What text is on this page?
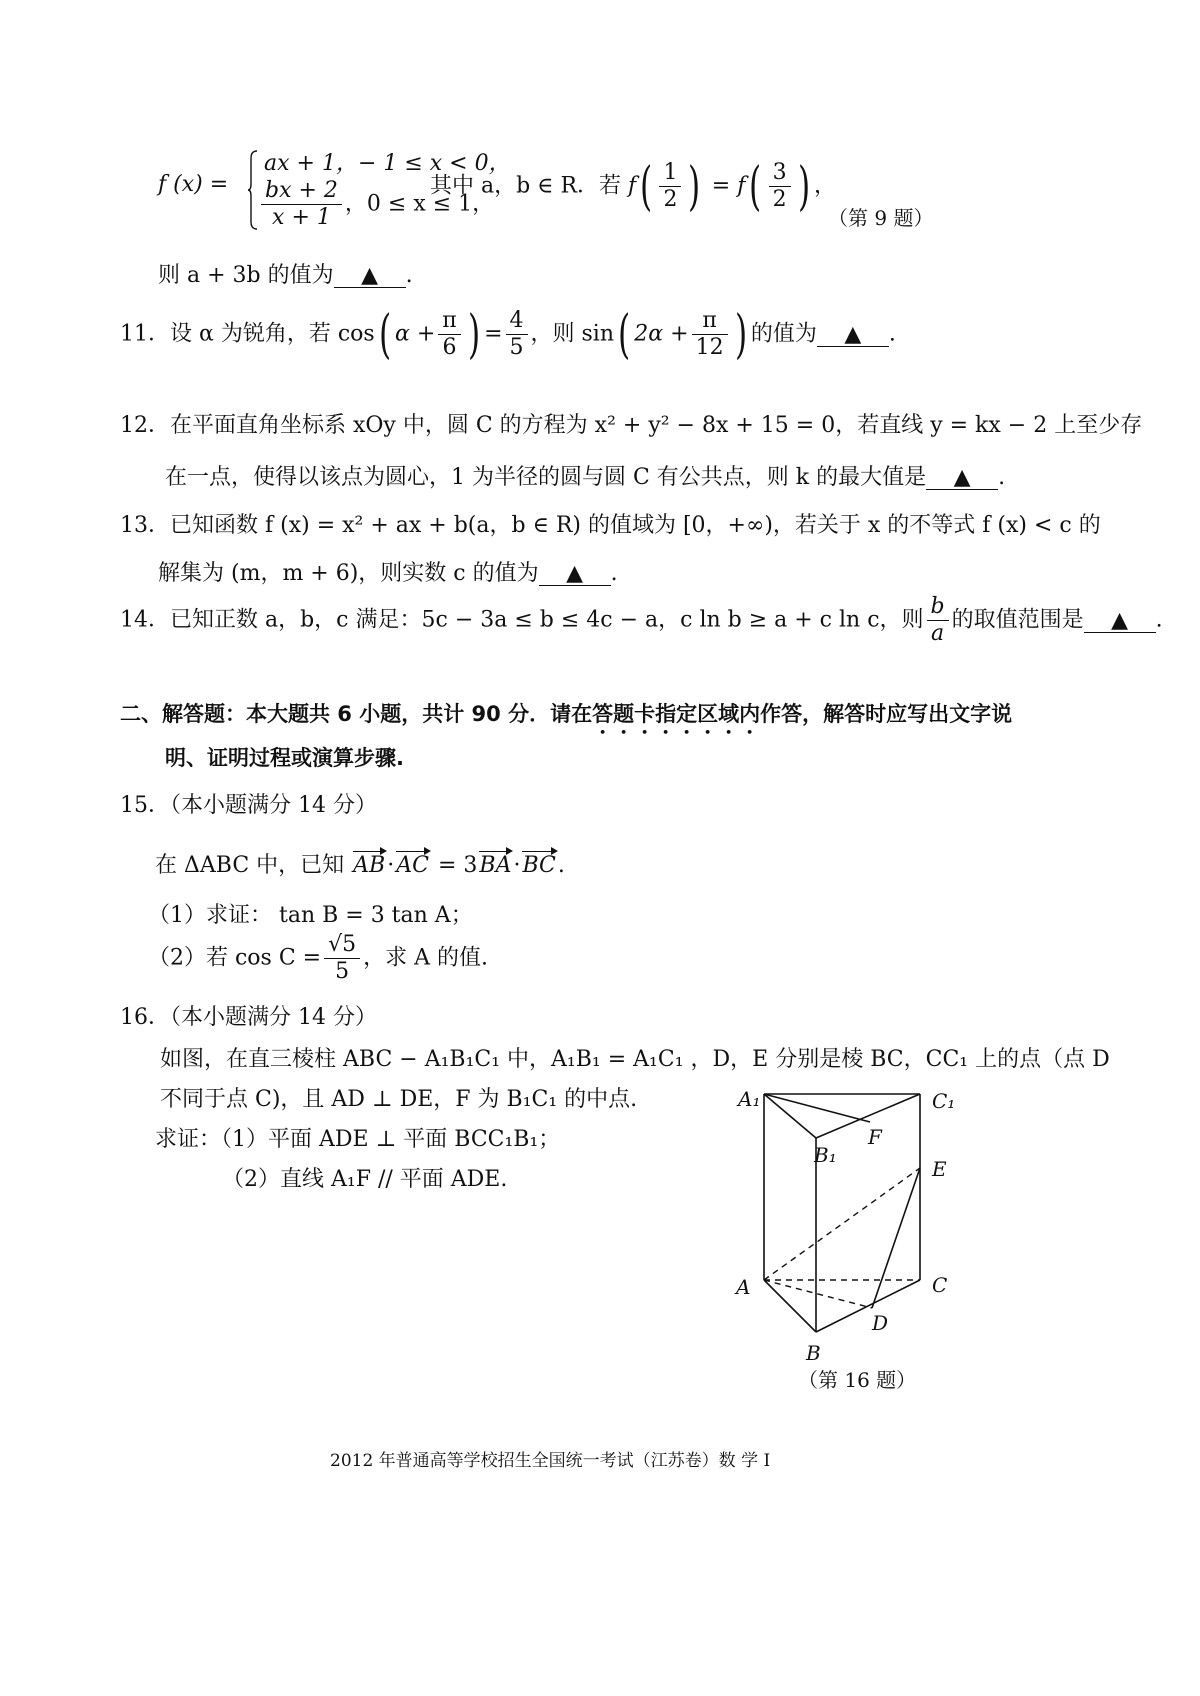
f (x) =
ax + 1，− 1 ≤ x < 0，
$\frac{bx + 2}{x + 1}$ ，0 ≤ x ≤ 1，
其中 a，b ∈ R．若 $f( \frac{1}{2}$ ) = $f( \frac{3}{2}$ ) ，
（第 9 题）
则 a + 3b 的值为 ▲ .
11．设 α 为锐角，若 cos( $\alpha + \frac{\pi}{6}$ ) = $\frac{4}{5}$ ，则 sin( $2\alpha + \frac{\pi}{12}$ ) 的值为 ▲ .
12．在平面直角坐标系 xOy 中，圆 C 的方程为 x² + y² − 8x + 15 = 0，若直线 y = kx − 2 上至少存
在一点，使得以该点为圆心，1 为半径的圆与圆 C 有公共点，则 k 的最大值是 ▲ .
13．已知函数 f (x) = x² + ax + b(a，b ∈ R) 的值域为 [0，+∞)，若关于 x 的不等式 f (x) < c 的
解集为 (m，m + 6)，则实数 c 的值为 ▲ .
14．已知正数 a，b，c 满足：5c − 3a ≤ b ≤ 4c − a，c ln b ≥ a + c ln c，则 $\frac{b}{a}$ 的取值范围是 ▲ .
二、解答题：本大题共 6 小题，共计 90 分．请在答题卡指定区域内作答，解答时应写出文字说
明、证明过程或演算步骤.
15．（本小题满分 14 分）
在 ΔABC 中，已知 AB·AC = 3BA·BC.
（1）求证： tan B = 3 tan A；
（2）若 $\cos C = \frac{√5}{5}$ ，求 A 的值.
16．（本小题满分 14 分）
如图，在直三棱柱 ABC − A₁B₁C₁ 中，A₁B₁ = A₁C₁ ，D，E 分别是棱 BC，CC₁ 上的点（点 D
不同于点 C)，且 AD ⊥ DE，F 为 B₁C₁ 的中点.
求证：（1）平面 ADE ⊥ 平面 BCC₁B₁；
（2）直线 A₁F // 平面 ADE.
A₁	C₁
F
B₁
E
A	C
D
B
（第 16 题）
2012 年普通高等学校招生全国统一考试（江苏卷）数 学 Ⅰ
